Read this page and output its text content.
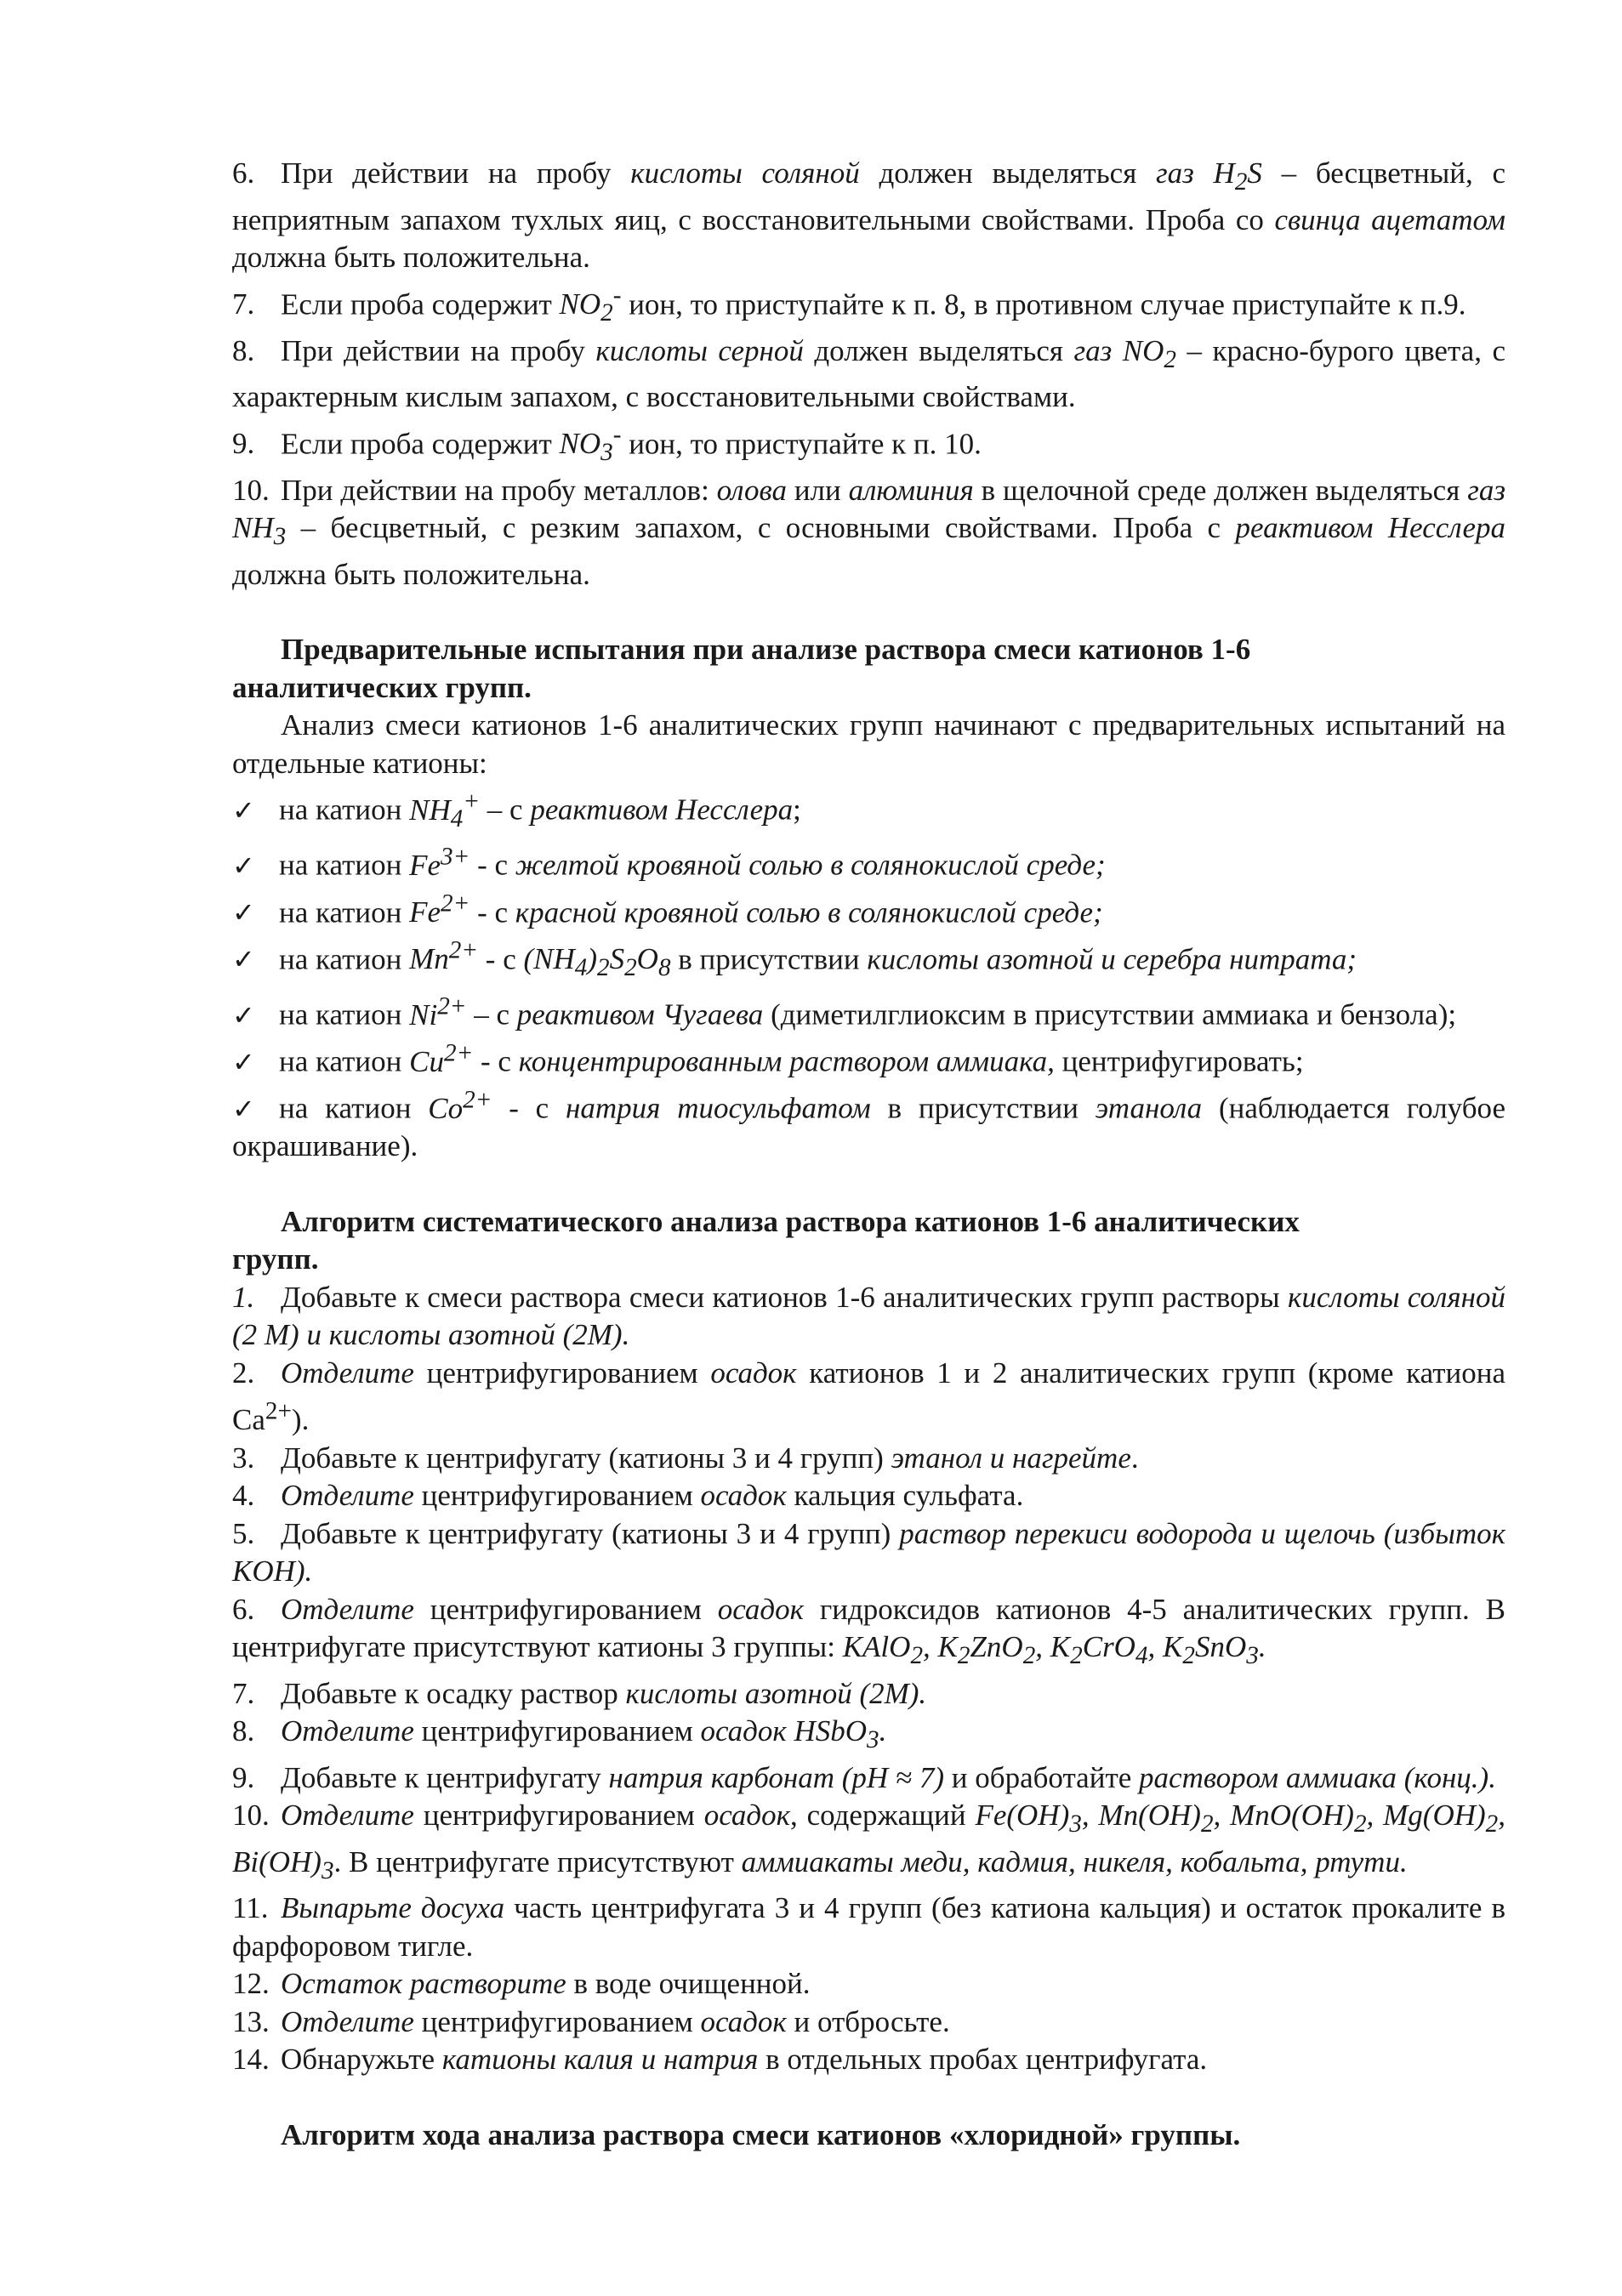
6. При действии на пробу кислоты соляной должен выделяться газ $H_2S$ – бесцветный, с неприятным запахом тухлых яиц, с восстановительными свойствами. Проба со свинца ацетатом должна быть положительна.

7. Если проба содержит $NO_2^-$ ион, то приступайте к п. 8, в противном случае приступайте к п.9.

8. При действии на пробу кислоты серной должен выделяться газ $NO_2$ – красно-бурого цвета, с характерным кислым запахом, с восстановительными свойствами.

9. Если проба содержит $NO_3^-$ ион, то приступайте к п. 10.

10. При действии на пробу металлов: олова или алюминия в щелочной среде должен выделяться газ $NH_3$ – бесцветный, с резким запахом, с основными свойствами. Проба с реактивом Несслера должна быть положительна.

Предварительные испытания при анализе раствора смеси катионов 1-6
аналитических групп.

Анализ смеси катионов 1-6 аналитических групп начинают с предварительных испытаний на отдельные катионы:

✓ на катион $NH_4^+$ – с реактивом Несслера;

✓ на катион $Fe^{3+}$ - с желтой кровяной солью в солянокислой среде;

✓ на катион $Fe^{2+}$ - с красной кровяной солью в солянокислой среде;

✓ на катион $Mn^{2+}$ - с $(NH_4)_2S_2O_8$ в присутствии кислоты азотной и серебра нитрата;

✓ на катион $Ni^{2+}$ – с реактивом Чугаева (диметилглиоксим в присутствии аммиака и бензола);

✓ на катион $Cu^{2+}$ - с концентрированным раствором аммиака, центрифугировать;

✓ на катион $Co^{2+}$ - с натрия тиосульфатом в присутствии этанола (наблюдается голубое окрашивание).

Алгоритм систематического анализа раствора катионов 1-6 аналитических
групп.

1. Добавьте к смеси раствора смеси катионов 1-6 аналитических групп растворы кислоты соляной (2 М) и кислоты азотной (2М).

2. Отделите центрифугированием осадок катионов 1 и 2 аналитических групп (кроме катиона $Ca^{2+}$).

3. Добавьте к центрифугату (катионы 3 и 4 групп) этанол и нагрейте.

4. Отделите центрифугированием осадок кальция сульфата.

5. Добавьте к центрифугату (катионы 3 и 4 групп) раствор перекиси водорода и щелочь (избыток KOH).

6. Отделите центрифугированием осадок гидроксидов катионов 4-5 аналитических групп. В центрифугате присутствуют катионы 3 группы: KAlO$_2$, $K_2ZnO_2$, $K_2CrO_4$, $K_2SnO_3$.

7. Добавьте к осадку раствор кислоты азотной (2М).

8. Отделите центрифугированием осадок HSbO$_3$.

9. Добавьте к центрифугату натрия карбонат (рН ≈ 7) и обработайте раствором аммиака (конц.).

10. Отделите центрифугированием осадок, содержащий $Fe(OH)_3$, $Mn(OH)_2$, $MnO(OH)_2$, $Mg(OH)_2$, $Bi(OH)_3$. В центрифугате присутствуют аммиакаты меди, кадмия, никеля, кобальта, ртути.

11. Выпарьте досуха часть центрифугата 3 и 4 групп (без катиона кальция) и остаток прокалите в фарфоровом тигле.

12. Остаток растворите в воде очищенной.

13. Отделите центрифугированием осадок и отбросьте.

14. Обнаружьте катионы калия и натрия в отдельных пробах центрифугата.

Алгоритм хода анализа раствора смеси катионов «хлоридной» группы.
